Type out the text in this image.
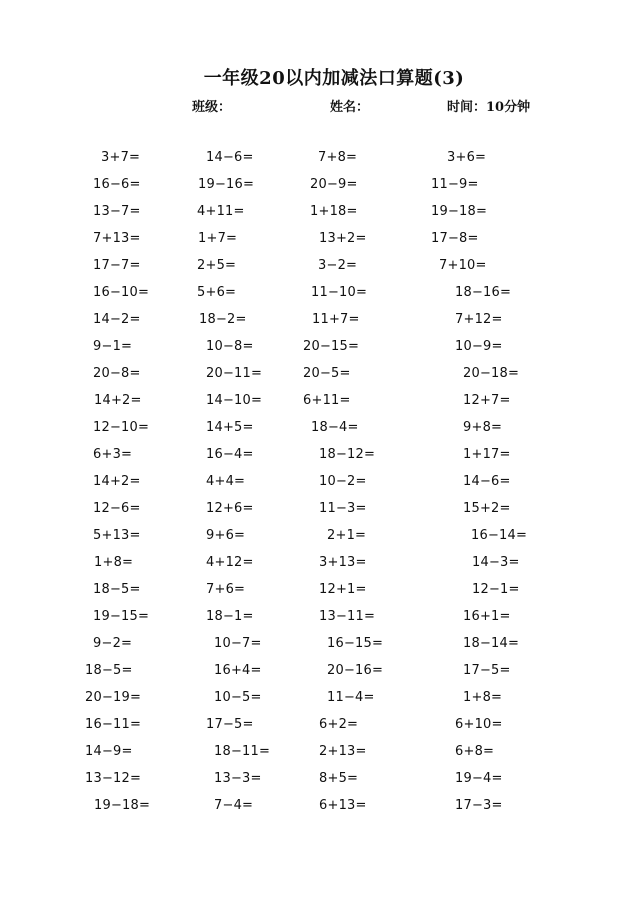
一年级20以内加减法口算题(3)
班级：	姓名：	时间：10分钟
3+7=	14−6=	7+8=	3+6=
16−6=	19−16=	20−9=	11−9=
13−7=	4+11=	1+18=	19−18=
7+13=	1+7=	13+2=	17−8=
17−7=	2+5=	3−2=	7+10=
16−10=	5+6=	11−10=	18−16=
14−2=	18−2=	11+7=	7+12=
9−1=	10−8=	20−15=	10−9=
20−8=	20−11=	20−5=	20−18=
14+2=	14−10=	6+11=	12+7=
12−10=	14+5=	18−4=	9+8=
6+3=	16−4=	18−12=	1+17=
14+2=	4+4=	10−2=	14−6=
12−6=	12+6=	11−3=	15+2=
5+13=	9+6=	2+1=	16−14=
1+8=	4+12=	3+13=	14−3=
18−5=	7+6=	12+1=	12−1=
19−15=	18−1=	13−11=	16+1=
9−2=	10−7=	16−15=	18−14=
18−5=	16+4=	20−16=	17−5=
20−19=	10−5=	11−4=	1+8=
16−11=	17−5=	6+2=	6+10=
14−9=	18−11=	2+13=	6+8=
13−12=	13−3=	8+5=	19−4=
19−18=	7−4=	6+13=	17−3=
